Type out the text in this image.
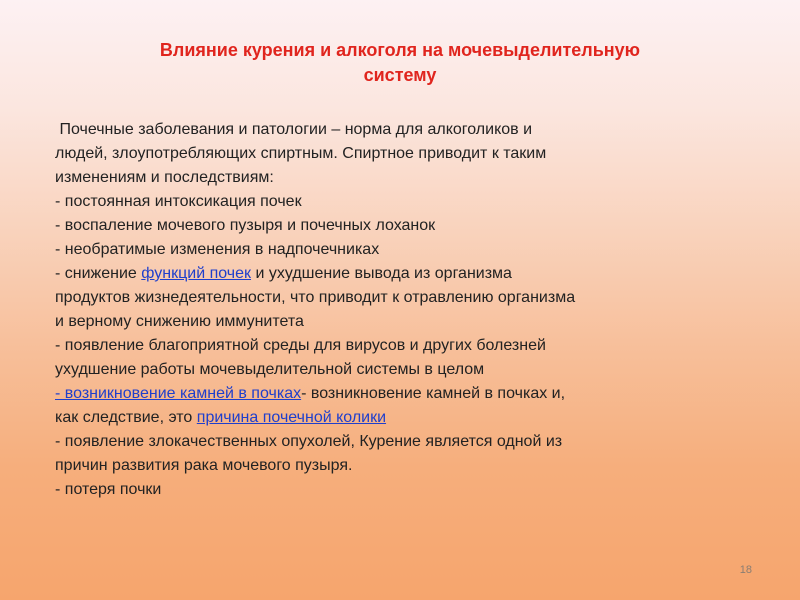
Влияние курения и алкоголя на мочевыделительную
систему
Почечные заболевания и патологии – норма для алкоголиков и
людей, злоупотребляющих спиртным. Спиртное приводит к таким
изменениям и последствиям:
- постоянная интоксикация почек
- воспаление мочевого пузыря и почечных лоханок
- необратимые изменения в надпочечниках
- снижение функций почек и ухудшение вывода из организма
продуктов жизнедеятельности, что приводит к отравлению организма
и верному снижению иммунитета
- появление благоприятной среды для вирусов и других болезней
ухудшение работы мочевыделительной системы в целом
- возникновение камней в почках- возникновение камней в почках и,
как следствие, это причина почечной колики
- появление злокачественных опухолей, Курение является одной из
причин развития рака мочевого пузыря.
- потеря почки
18
